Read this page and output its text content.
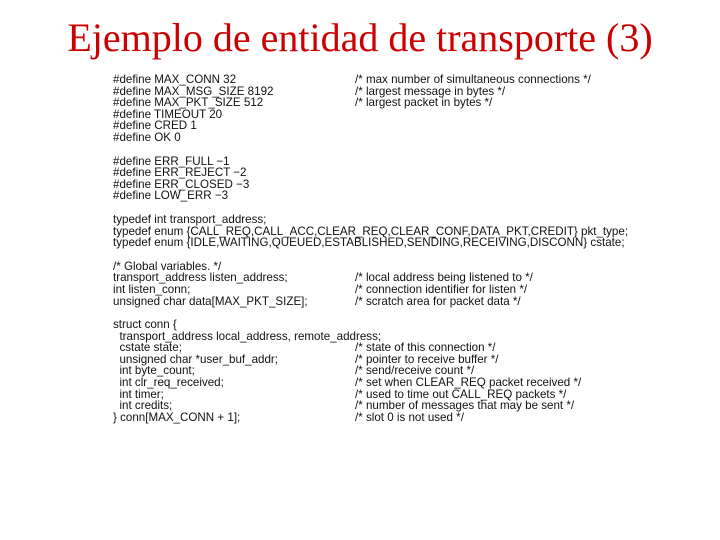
Ejemplo de entidad de transporte (3)
#define MAX_CONN 32	/* max number of simultaneous connections */
#define MAX_MSG_SIZE 8192	/* largest message in bytes */
#define MAX_PKT_SIZE 512	/* largest packet in bytes */
#define TIMEOUT 20
#define CRED 1
#define OK 0
#define ERR_FULL −1
#define ERR_REJECT −2
#define ERR_CLOSED −3
#define LOW_ERR −3
typedef int transport_address;
typedef enum {CALL_REQ,CALL_ACC,CLEAR_REQ,CLEAR_CONF,DATA_PKT,CREDIT} pkt_type;
typedef enum {IDLE,WAITING,QUEUED,ESTABLISHED,SENDING,RECEIVING,DISCONN} cstate;
/* Global variables. */
transport_address listen_address;	/* local address being listened to */
int listen_conn;	/* connection identifier for listen */
unsigned char data[MAX_PKT_SIZE];	/* scratch area for packet data */
struct conn {
transport_address local_address, remote_address;
cstate state;	/* state of this connection */
unsigned char *user_buf_addr;	/* pointer to receive buffer */
int byte_count;	/* send/receive count */
int clr_req_received;	/* set when CLEAR_REQ packet received */
int timer;	/* used to time out CALL_REQ packets */
int credits;	/* number of messages that may be sent */
} conn[MAX_CONN + 1];	/* slot 0 is not used */
